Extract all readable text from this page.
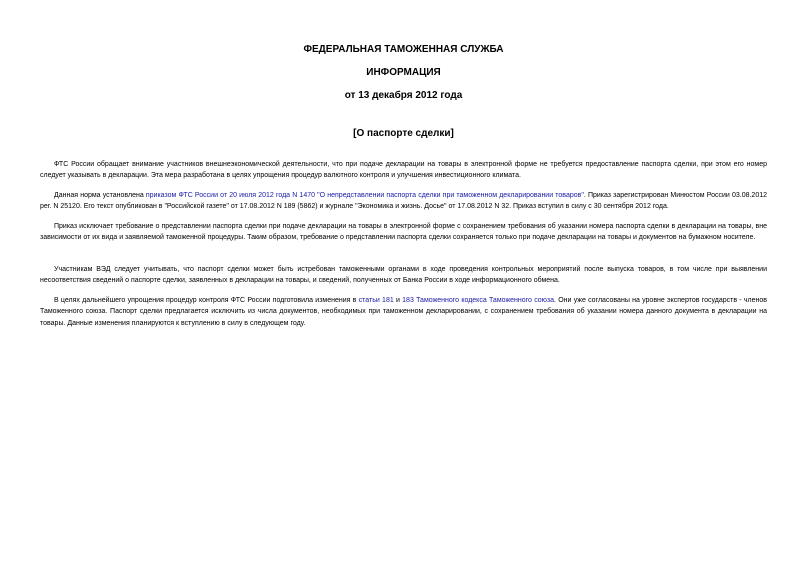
ФЕДЕРАЛЬНАЯ ТАМОЖЕННАЯ СЛУЖБА
ИНФОРМАЦИЯ
от 13 декабря 2012 года
[О паспорте сделки]
ФТС России обращает внимание участников внешнеэкономической деятельности, что при подаче декларации на товары в электронной форме не требуется предоставление паспорта сделки, при этом его номер следует указывать в декларации. Эта мера разработана в целях упрощения процедур валютного контроля и улучшения инвестиционного климата.
Данная норма установлена приказом ФТС России от 20 июля 2012 года N 1470 "О непредставлении паспорта сделки при таможенном декларировании товаров". Приказ зарегистрирован Минюстом России 03.08.2012 рег. N 25120. Его текст опубликован в "Российской газете" от 17.08.2012 N 189 (5862) и журнале "Экономика и жизнь. Досье" от 17.08.2012 N 32. Приказ вступил в силу с 30 сентября 2012 года.
Приказ исключает требование о представлении паспорта сделки при подаче декларации на товары в электронной форме с сохранением требования об указании номера паспорта сделки в декларации на товары, вне зависимости от их вида и заявляемой таможенной процедуры. Таким образом, требование о представлении паспорта сделки сохраняется только при подаче декларации на товары и документов на бумажном носителе.
Участникам ВЭД следует учитывать, что паспорт сделки может быть истребован таможенными органами в ходе проведения контрольных мероприятий после выпуска товаров, в том числе при выявлении несоответствия сведений о паспорте сделки, заявленных в декларации на товары, и сведений, полученных от Банка России в ходе информационного обмена.
В целях дальнейшего упрощения процедур контроля ФТС России подготовила изменения в статьи 181 и 183 Таможенного кодекса Таможенного союза. Они уже согласованы на уровне экспертов государств - членов Таможенного союза. Паспорт сделки предлагается исключить из числа документов, необходимых при таможенном декларировании, с сохранением требования об указании номера данного документа в декларации на товары. Данные изменения планируются к вступлению в силу в следующем году.
